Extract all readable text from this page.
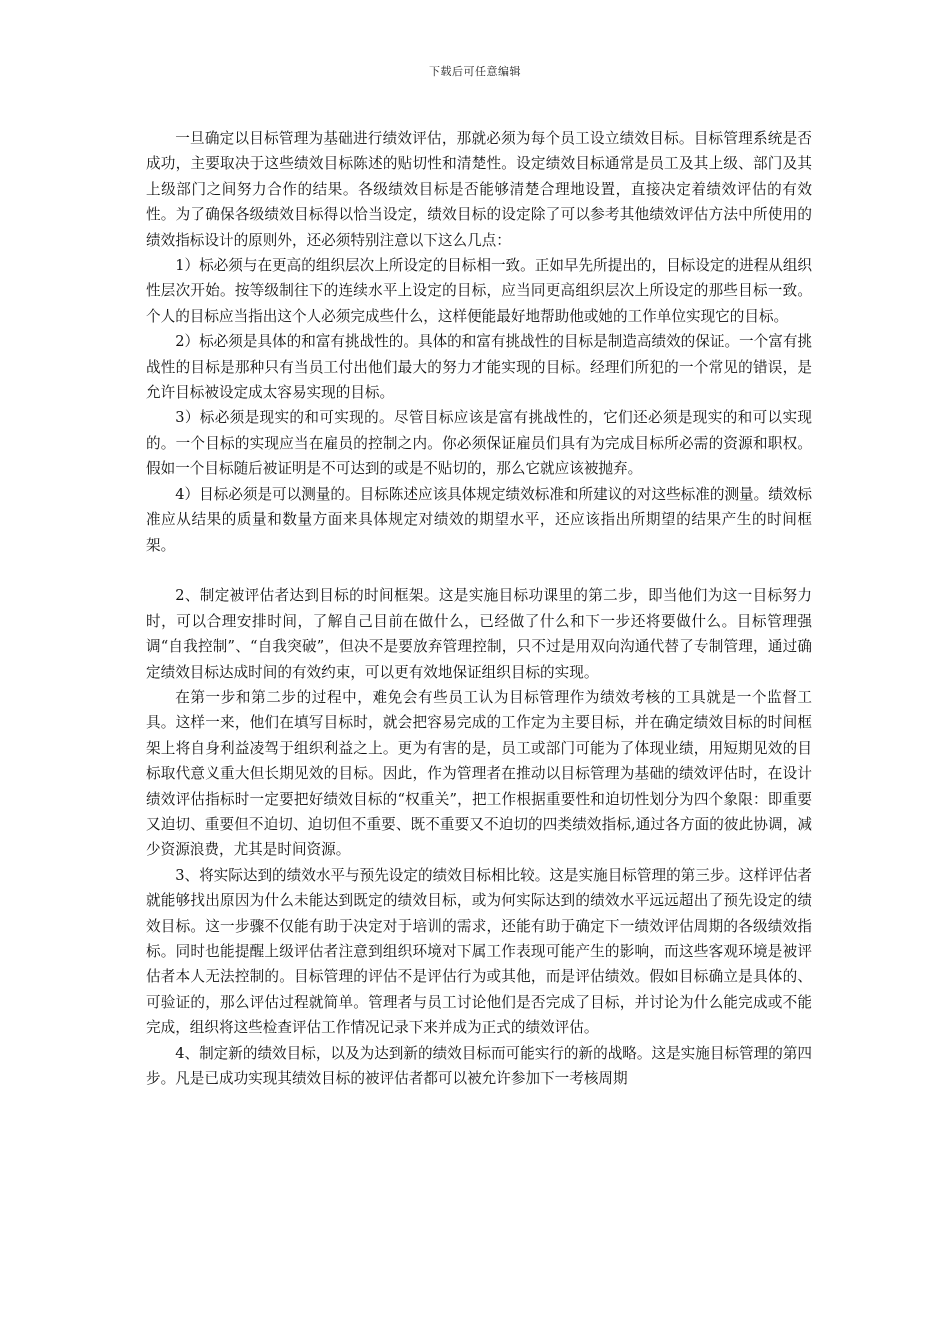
下载后可任意编辑

一旦确定以目标管理为基础进行绩效评估，那就必须为每个员工设立绩效目标。目标管理系统是否成功，主要取决于这些绩效目标陈述的贴切性和清楚性。设定绩效目标通常是员工及其上级、部门及其上级部门之间努力合作的结果。各级绩效目标是否能够清楚合理地设置，直接决定着绩效评估的有效性。为了确保各级绩效目标得以恰当设定，绩效目标的设定除了可以参考其他绩效评估方法中所使用的绩效指标设计的原则外，还必须特别注意以下这么几点：

1）标必须与在更高的组织层次上所设定的目标相一致。正如早先所提出的，目标设定的进程从组织性层次开始。按等级制往下的连续水平上设定的目标，应当同更高组织层次上所设定的那些目标一致。个人的目标应当指出这个人必须完成些什么，这样便能最好地帮助他或她的工作单位实现它的目标。

2）标必须是具体的和富有挑战性的。具体的和富有挑战性的目标是制造高绩效的保证。一个富有挑战性的目标是那种只有当员工付出他们最大的努力才能实现的目标。经理们所犯的一个常见的错误，是允许目标被设定成太容易实现的目标。

3）标必须是现实的和可实现的。尽管目标应该是富有挑战性的，它们还必须是现实的和可以实现的。一个目标的实现应当在雇员的控制之内。你必须保证雇员们具有为完成目标所必需的资源和职权。假如一个目标随后被证明是不可达到的或是不贴切的，那么它就应该被抛弃。

4）目标必须是可以测量的。目标陈述应该具体规定绩效标准和所建议的对这些标准的测量。绩效标准应从结果的质量和数量方面来具体规定对绩效的期望水平，还应该指出所期望的结果产生的时间框架。

2、制定被评估者达到目标的时间框架。这是实施目标功课里的第二步，即当他们为这一目标努力时，可以合理安排时间，了解自己目前在做什么，已经做了什么和下一步还将要做什么。目标管理强调“自我控制”、“自我突破”，但决不是要放弃管理控制，只不过是用双向沟通代替了专制管理，通过确定绩效目标达成时间的有效约束，可以更有效地保证组织目标的实现。

在第一步和第二步的过程中，难免会有些员工认为目标管理作为绩效考核的工具就是一个监督工具。这样一来，他们在填写目标时，就会把容易完成的工作定为主要目标，并在确定绩效目标的时间框架上将自身利益凌驾于组织利益之上。更为有害的是，员工或部门可能为了体现业绩，用短期见效的目标取代意义重大但长期见效的目标。因此，作为管理者在推动以目标管理为基础的绩效评估时，在设计绩效评估指标时一定要把好绩效目标的“权重关”，把工作根据重要性和迫切性划分为四个象限：即重要又迫切、重要但不迫切、迫切但不重要、既不重要又不迫切的四类绩效指标,通过各方面的彼此协调，减少资源浪费，尤其是时间资源。

3、将实际达到的绩效水平与预先设定的绩效目标相比较。这是实施目标管理的第三步。这样评估者就能够找出原因为什么未能达到既定的绩效目标，或为何实际达到的绩效水平远远超出了预先设定的绩效目标。这一步骤不仅能有助于决定对于培训的需求，还能有助于确定下一绩效评估周期的各级绩效指标。同时也能提醒上级评估者注意到组织环境对下属工作表现可能产生的影响，而这些客观环境是被评估者本人无法控制的。目标管理的评估不是评估行为或其他，而是评估绩效。假如目标确立是具体的、可验证的，那么评估过程就简单。管理者与员工讨论他们是否完成了目标，并讨论为什么能完成或不能完成，组织将这些检查评估工作情况记录下来并成为正式的绩效评估。

4、制定新的绩效目标，以及为达到新的绩效目标而可能实行的新的战略。这是实施目标管理的第四步。凡是已成功实现其绩效目标的被评估者都可以被允许参加下一考核周期
